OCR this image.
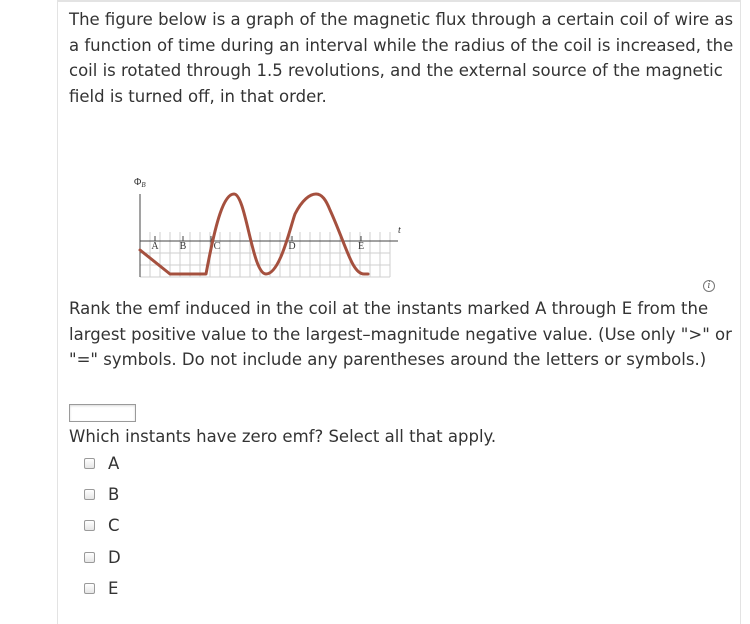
The figure below is a graph of the magnetic flux through a certain coil of wire as a function of time during an interval while the radius of the coil is increased, the coil is rotated through 1.5 revolutions, and the external source of the magnetic field is turned off, in that order.

A B	C	D	E
$\Phi_B$
t
i

Rank the emf induced in the coil at the instants marked A through E from the largest positive value to the largest–magnitude negative value. (Use only ">" or "=" symbols. Do not include any parentheses around the letters or symbols.)

Which instants have zero emf? Select all that apply.

A
B
C
D
E
